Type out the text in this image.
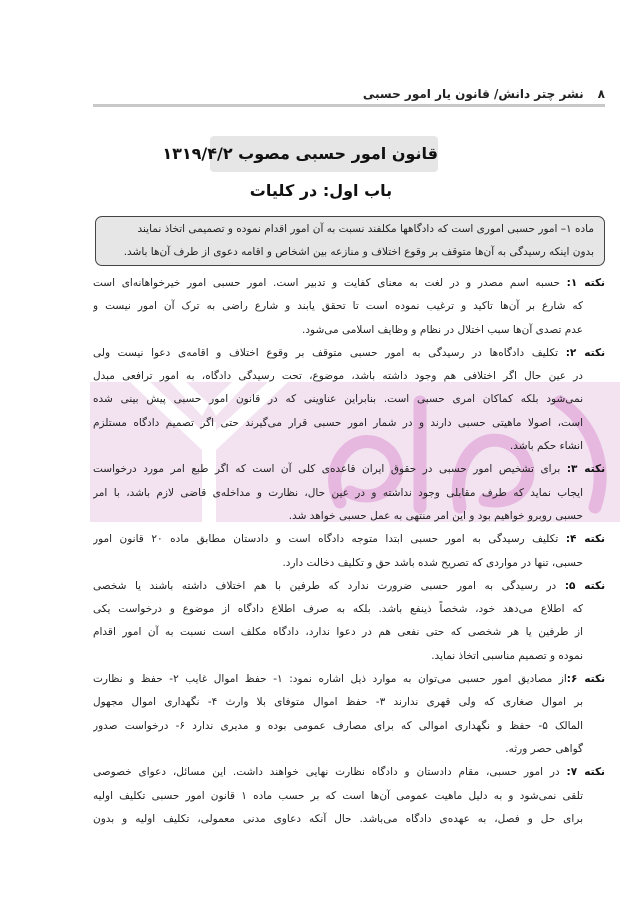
۸
نشر چتر دانش/ قانون یار امور حسبی
قانون امور حسبی مصوب ۱۳۱۹/۴/۲
باب اول: در کلیات
ماده ۱– امور حسبی اموری است که دادگاهها مکلفند نسبت به آن امور اقدام نموده و تصمیمی اتخاذ نمایند
بدون اینکه رسیدگی به آن‌ها متوقف بر وقوع اختلاف و منازعه بین اشخاص و اقامه دعوی از طرف آن‌ها باشد.
نکته ۱: حسبه اسم مصدر و در لغت به معنای کفایت و تدبیر است. امور حسبی امور خیرخواهانه‌ای است
که شارع بر آن‌ها تاکید و ترغیب نموده است تا تحقق یابند و شارع راضی به ترک آن امور نیست و
عدم تصدی آن‌ها سبب اختلال در نظام و وظایف اسلامی می‌شود.
نکته ۲: تکلیف دادگاه‌ها در رسیدگی به امور حسبی متوقف بر وقوع اختلاف و اقامه‌ی دعوا نیست ولی
در عین حال اگر اختلافی هم وجود داشته باشد، موضوع، تحت رسیدگی دادگاه، به امور ترافعی مبدل
نمی‌شود بلکه کماکان امری حسبی است. بنابراین عناوینی که در قانون امور حسبی پیش بینی شده
است، اصولا ماهیتی حسبی دارند و در شمار امور حسبی قرار می‌گیرند حتی اگر تصمیم دادگاه مستلزم
انشاء حکم باشد.
نکته ۳: برای تشخیص امور حسبی در حقوق ایران قاعده‌ی کلی آن است که اگر طبع امر مورد درخواست
ایجاب نماید که طرف مقابلی وجود نداشته و در عین حال، نظارت و مداخله‌ی قاضی لازم باشد، با امر
حسبی روبرو خواهیم بود و این امر منتهی به عمل حسبی خواهد شد.
نکته ۴: تکلیف رسیدگی به امور حسبی ابتدا متوجه دادگاه است و دادستان مطابق ماده ۲۰ قانون امور
حسبی، تنها در مواردی که تصریح شده باشد حق و تکلیف دخالت دارد.
نکته ۵: در رسیدگی به امور حسبی ضرورت ندارد که طرفین با هم اختلاف داشته باشند یا شخصی
که اطلاع می‌دهد خود، شخصاً ذینفع باشد. بلکه به صرف اطلاع دادگاه از موضوع و درخواست یکی
از طرفین یا هر شخصی که حتی نفعی هم در دعوا ندارد، دادگاه مکلف است نسبت به آن امور اقدام
نموده و تصمیم مناسبی اتخاذ نماید.
نکته ۶:از مصادیق امور حسبی می‌توان به موارد ذیل اشاره نمود: ۱- حفظ اموال غایب ۲- حفظ و نظارت
بر اموال صغاری که ولی قهری ندارند ۳- حفظ اموال متوفای بلا وارث ۴- نگهداری اموال مجهول
المالک ۵- حفظ و نگهداری اموالی که برای مصارف عمومی بوده و مدیری ندارد ۶- درخواست صدور
گواهی حصر ورثه.
نکته ۷: در امور حسبی، مقام دادستان و دادگاه نظارت نهایی خواهند داشت. این مسائل، دعوای خصوصی
تلقی نمی‌شود و به دلیل ماهیت عمومی آن‌ها است که بر حسب ماده ۱ قانون امور حسبی تکلیف اولیه
برای حل و فصل، به عهده‌ی دادگاه می‌باشد. حال آنکه دعاوی مدنی معمولی، تکلیف اولیه و بدون
